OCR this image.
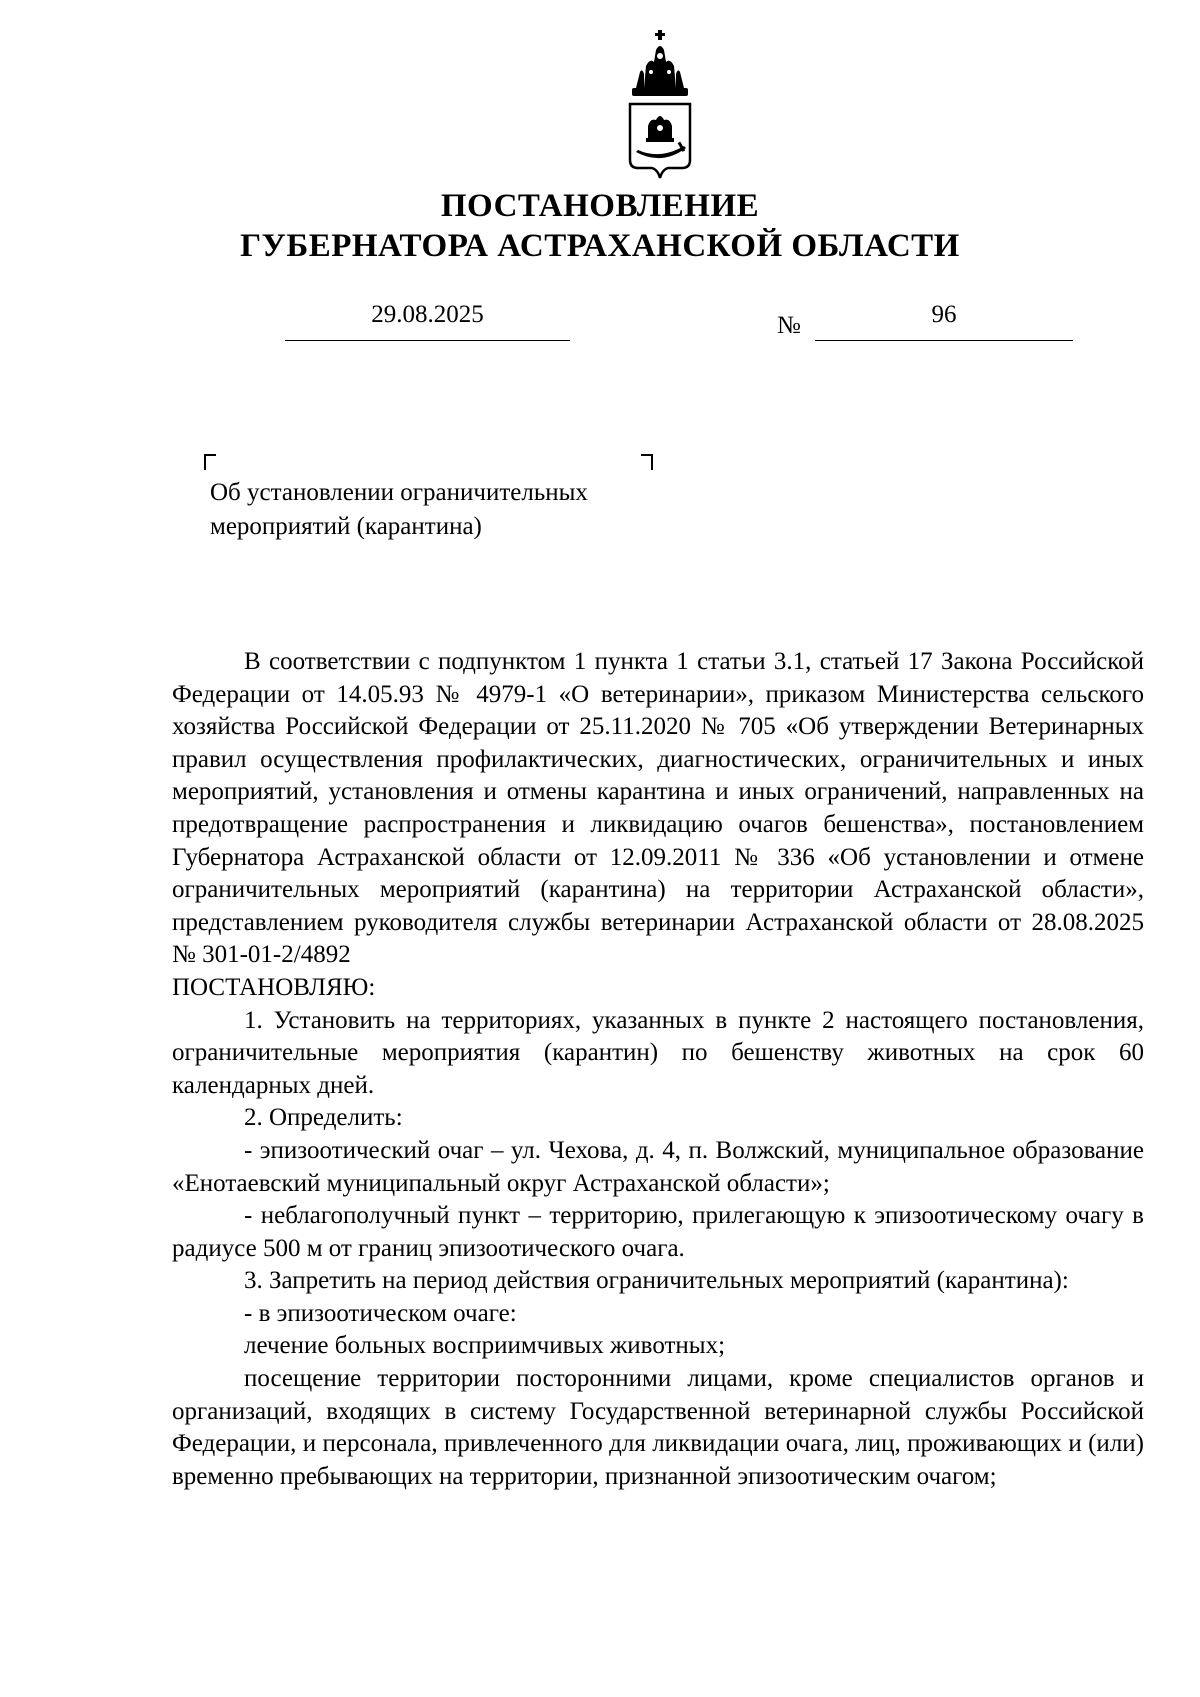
ПОСТАНОВЛЕНИЕ
ГУБЕРНАТОРА АСТРАХАНСКОЙ ОБЛАСТИ
29.08.2025	№	96
Об установлении ограничительных
мероприятий (карантина)

В соответствии с подпунктом 1 пункта 1 статьи 3.1, статьей 17 Закона Российской Федерации от 14.05.93 № 4979-1 «О ветеринарии», приказом Министерства сельского хозяйства Российской Федерации от 25.11.2020 № 705 «Об утверждении Ветеринарных правил осуществления профилактических, диагностических, ограничительных и иных мероприятий, установления и отмены карантина и иных ограничений, направленных на предотвращение распространения и ликвидацию очагов бешенства», постановлением Губернатора Астраханской области от 12.09.2011 № 336 «Об установлении и отмене ограничительных мероприятий (карантина) на территории Астраханской области», представлением руководителя службы ветеринарии Астраханской области от 28.08.2025 № 301-01-2/4892

ПОСТАНОВЛЯЮ:

1. Установить на территориях, указанных в пункте 2 настоящего постановления, ограничительные мероприятия (карантин) по бешенству животных на срок 60 календарных дней.

2. Определить:

- эпизоотический очаг – ул. Чехова, д. 4, п. Волжский, муниципальное образование «Енотаевский муниципальный округ Астраханской области»;

- неблагополучный пункт – территорию, прилегающую к эпизоотическому очагу в радиусе 500 м от границ эпизоотического очага.

3. Запретить на период действия ограничительных мероприятий (карантина):

- в эпизоотическом очаге:

лечение больных восприимчивых животных;

посещение территории посторонними лицами, кроме специалистов органов и организаций, входящих в систему Государственной ветеринарной службы Российской Федерации, и персонала, привлеченного для ликвидации очага, лиц, проживающих и (или) временно пребывающих на территории, признанной эпизоотическим очагом;
